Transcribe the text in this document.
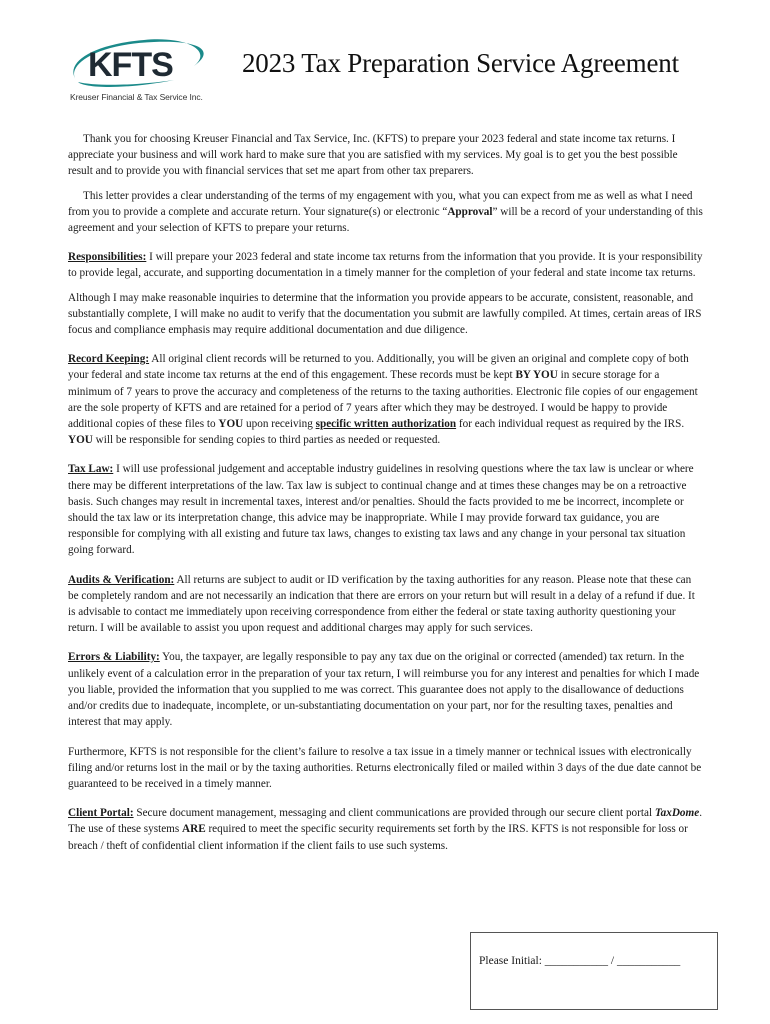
KFTS
Kreuser Financial & Tax Service Inc.
2023 Tax Preparation Service Agreement

Thank you for choosing Kreuser Financial and Tax Service, Inc. (KFTS) to prepare your 2023 federal and state income tax returns. I appreciate your business and will work hard to make sure that you are satisfied with my services. My goal is to get you the best possible result and to provide you with financial services that set me apart from other tax preparers.

This letter provides a clear understanding of the terms of my engagement with you, what you can expect from me as well as what I need from you to provide a complete and accurate return. Your signature(s) or electronic “Approval” will be a record of your understanding of this agreement and your selection of KFTS to prepare your returns.

Responsibilities: I will prepare your 2023 federal and state income tax returns from the information that you provide. It is your responsibility to provide legal, accurate, and supporting documentation in a timely manner for the completion of your federal and state income tax returns.

Although I may make reasonable inquiries to determine that the information you provide appears to be accurate, consistent, reasonable, and substantially complete, I will make no audit to verify that the documentation you submit are lawfully compiled. At times, certain areas of IRS focus and compliance emphasis may require additional documentation and due diligence.

Record Keeping: All original client records will be returned to you. Additionally, you will be given an original and complete copy of both your federal and state income tax returns at the end of this engagement. These records must be kept BY YOU in secure storage for a minimum of 7 years to prove the accuracy and completeness of the returns to the taxing authorities. Electronic file copies of our engagement are the sole property of KFTS and are retained for a period of 7 years after which they may be destroyed. I would be happy to provide additional copies of these files to YOU upon receiving specific written authorization for each individual request as required by the IRS. YOU will be responsible for sending copies to third parties as needed or requested.

Tax Law: I will use professional judgement and acceptable industry guidelines in resolving questions where the tax law is unclear or where there may be different interpretations of the law. Tax law is subject to continual change and at times these changes may be on a retroactive basis. Such changes may result in incremental taxes, interest and/or penalties. Should the facts provided to me be incorrect, incomplete or should the tax law or its interpretation change, this advice may be inappropriate. While I may provide forward tax guidance, you are responsible for complying with all existing and future tax laws, changes to existing tax laws and any change in your personal tax situation going forward.

Audits & Verification: All returns are subject to audit or ID verification by the taxing authorities for any reason. Please note that these can be completely random and are not necessarily an indication that there are errors on your return but will result in a delay of a refund if due. It is advisable to contact me immediately upon receiving correspondence from either the federal or state taxing authority questioning your return. I will be available to assist you upon request and additional charges may apply for such services.

Errors & Liability: You, the taxpayer, are legally responsible to pay any tax due on the original or corrected (amended) tax return. In the unlikely event of a calculation error in the preparation of your tax return, I will reimburse you for any interest and penalties for which I made you liable, provided the information that you supplied to me was correct. This guarantee does not apply to the disallowance of deductions and/or credits due to inadequate, incomplete, or un-substantiating documentation on your part, nor for the resulting taxes, penalties and interest that may apply.

Furthermore, KFTS is not responsible for the client’s failure to resolve a tax issue in a timely manner or technical issues with electronically filing and/or returns lost in the mail or by the taxing authorities. Returns electronically filed or mailed within 3 days of the due date cannot be guaranteed to be received in a timely manner.

Client Portal: Secure document management, messaging and client communications are provided through our secure client portal TaxDome. The use of these systems ARE required to meet the specific security requirements set forth by the IRS. KFTS is not responsible for loss or breach / theft of confidential client information if the client fails to use such systems.

Please Initial: ___________ / ___________
